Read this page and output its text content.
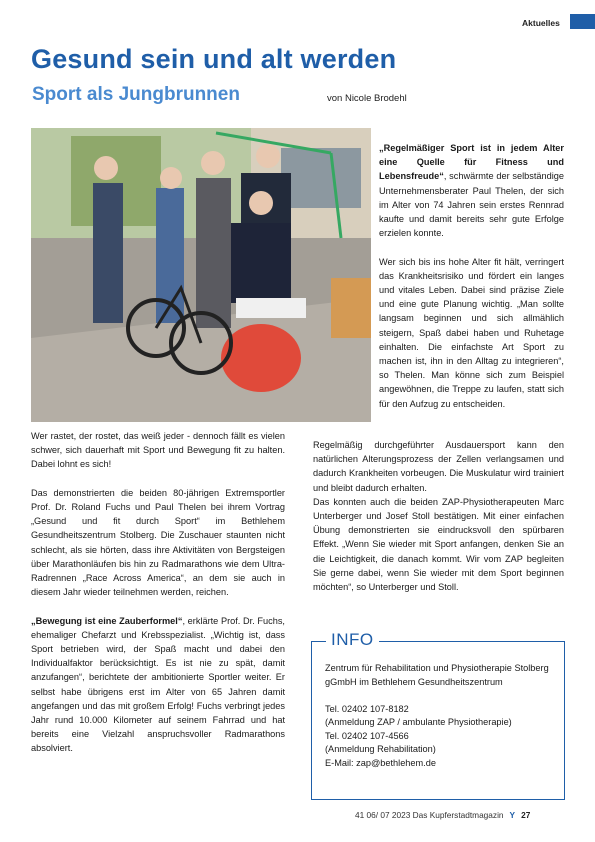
Aktuelles
Gesund sein und alt werden
Sport als Jungbrunnen	von Nicole Brodehl

„Regelmäßiger Sport ist in jedem Alter eine Quelle für Fitness und Lebensfreude“, schwärmte der selbständige Unternehmensberater Paul Thelen, der sich im Alter von 74 Jahren sein erstes Rennrad kaufte und damit bereits sehr gute Erfolge erzielen konnte.

Wer sich bis ins hohe Alter fit hält, verringert das Krankheitsrisiko und fördert ein langes und vitales Leben. Dabei sind präzise Ziele und eine gute Planung wichtig. „Man sollte langsam beginnen und sich allmählich steigern, Spaß dabei haben und Ruhetage einhalten. Die einfachste Art Sport zu machen ist, ihn in den Alltag zu integrieren“, so Thelen. Man könne sich zum Beispiel angewöhnen, die Treppe zu laufen, statt sich für den Aufzug zu entscheiden.

Regelmäßig durchgeführter Ausdauersport kann den natürlichen Alterungsprozess der Zellen verlangsamen und dadurch Krankheiten vorbeugen. Die Muskulatur wird trainiert und bleibt dadurch erhalten.

Das konnten auch die beiden ZAP-Physiotherapeuten Marc Unterberger und Josef Stoll bestätigen. Mit einer einfachen Übung demonstrierten sie eindrucksvoll den spürbaren Effekt. „Wenn Sie wieder mit Sport anfangen, denken Sie an die Leichtigkeit, die danach kommt. Wir vom ZAP begleiten Sie gerne dabei, wenn Sie wieder mit dem Sport beginnen möchten“, so Unterberger und Stoll.

Wer rastet, der rostet, das weiß jeder - dennoch fällt es vielen schwer, sich dauerhaft mit Sport und Bewegung fit zu halten. Dabei lohnt es sich!

Das demonstrierten die beiden 80-jährigen Extremsportler Prof. Dr. Roland Fuchs und Paul Thelen bei ihrem Vortrag „Gesund und fit durch Sport“ im Bethlehem Gesundheitszentrum Stolberg. Die Zuschauer staunten nicht schlecht, als sie hörten, dass ihre Aktivitäten von Bergsteigen über Marathonläufen bis hin zu Radmarathons wie dem Ultra-Radrennen „Race Across America“, an dem sie auch in diesem Jahr wieder teilnehmen werden, reichen.

„Bewegung ist eine Zauberformel“, erklärte Prof. Dr. Fuchs, ehemaliger Chefarzt und Krebsspezialist. „Wichtig ist, dass Sport betrieben wird, der Spaß macht und dabei den Individualfaktor berücksichtigt. Es ist nie zu spät, damit anzufangen“, berichtete der ambitionierte Sportler weiter. Er selbst habe übrigens erst im Alter von 65 Jahren damit angefangen und das mit großem Erfolg! Fuchs verbringt jedes Jahr rund 10.000 Kilometer auf seinem Fahrrad und hat bereits eine Vielzahl anspruchsvoller Radmarathons absolviert.

INFO

Zentrum für Rehabilitation und Physiotherapie Stolberg gGmbH im Bethlehem Gesundheitszentrum

Tel. 02402 107-8182
(Anmeldung ZAP / ambulante Physiotherapie)
Tel. 02402 107-4566
(Anmeldung Rehabilitation)
E-Mail: zap@bethlehem.de
41 06/ 07 2023 Das Kupferstadtmagazin Y 27
